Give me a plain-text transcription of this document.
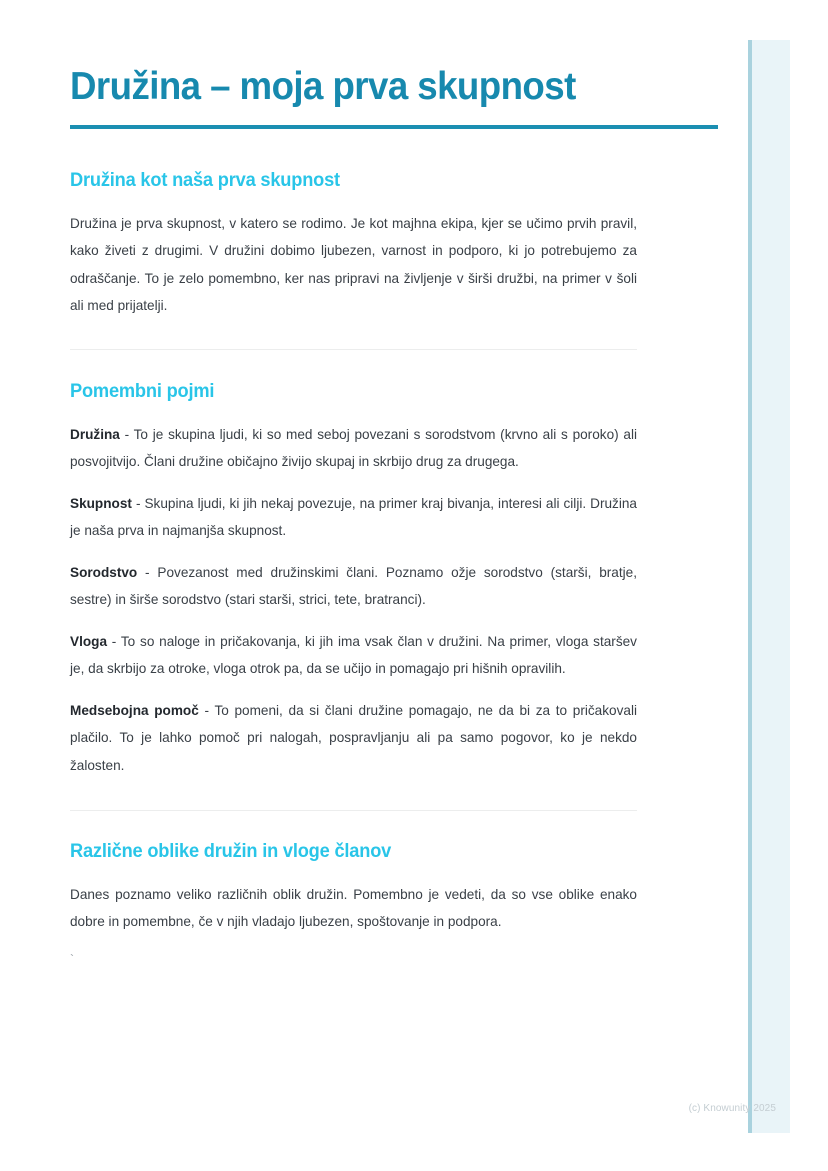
Družina – moja prva skupnost
Družina kot naša prva skupnost

Družina je prva skupnost, v katero se rodimo. Je kot majhna ekipa, kjer se učimo prvih pravil, kako živeti z drugimi. V družini dobimo ljubezen, varnost in podporo, ki jo potrebujemo za odraščanje. To je zelo pomembno, ker nas pripravi na življenje v širši družbi, na primer v šoli ali med prijatelji.

Pomembni pojmi

Družina - To je skupina ljudi, ki so med seboj povezani s sorodstvom (krvno ali s poroko) ali posvojitvijo. Člani družine običajno živijo skupaj in skrbijo drug za drugega.

Skupnost - Skupina ljudi, ki jih nekaj povezuje, na primer kraj bivanja, interesi ali cilji. Družina je naša prva in najmanjša skupnost.

Sorodstvo - Povezanost med družinskimi člani. Poznamo ožje sorodstvo (starši, bratje, sestre) in širše sorodstvo (stari starši, strici, tete, bratranci).

Vloga - To so naloge in pričakovanja, ki jih ima vsak član v družini. Na primer, vloga staršev je, da skrbijo za otroke, vloga otrok pa, da se učijo in pomagajo pri hišnih opravilih.

Medsebojna pomoč - To pomeni, da si člani družine pomagajo, ne da bi za to pričakovali plačilo. To je lahko pomoč pri nalogah, pospravljanju ali pa samo pogovor, ko je nekdo žalosten.

Različne oblike družin in vloge članov

Danes poznamo veliko različnih oblik družin. Pomembno je vedeti, da so vse oblike enako dobre in pomembne, če v njih vladajo ljubezen, spoštovanje in podpora.

`
(c) Knowunity 2025
